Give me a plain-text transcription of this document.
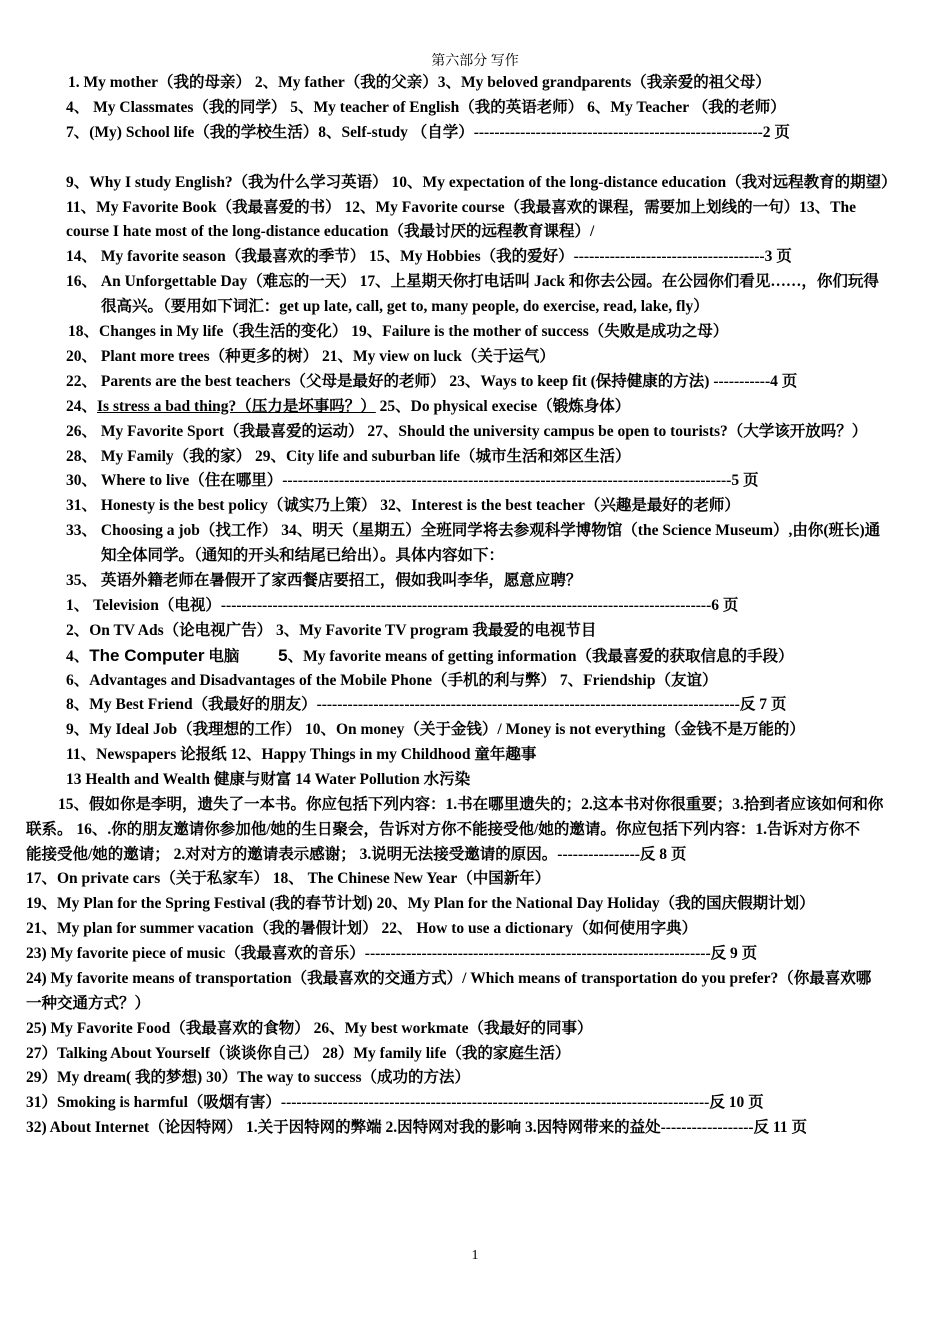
第六部分 写作
1. My mother（我的母亲） 2、My father（我的父亲）3、My beloved grandparents（我亲爱的祖父母）
4、 My Classmates（我的同学） 5、My teacher of English（我的英语老师） 6、My Teacher （我的老师）
7、(My) School life（我的学校生活）8、Self-study （自学）--------------------------------------------------------2 页
9、Why I study English?（我为什么学习英语） 10、My expectation of the long-distance education（我对远程教育的期望）
11、My Favorite Book（我最喜爱的书） 12、My Favorite course（我最喜欢的课程，需要加上划线的一句）13、The
course I hate most of the long-distance education（我最讨厌的远程教育课程）/
14、 My favorite season（我最喜欢的季节） 15、My Hobbies（我的爱好）-------------------------------------3 页
16、 An Unforgettable Day（难忘的一天） 17、上星期天你打电话叫 Jack 和你去公园。在公园你们看见……，你们玩得
很高兴。（要用如下词汇：get up late, call, get to, many people, do exercise, read, lake, fly）
18、Changes in My life（我生活的变化） 19、Failure is the mother of success（失败是成功之母）
20、 Plant more trees（种更多的树） 21、My view on luck（关于运气）
22、 Parents are the best teachers（父母是最好的老师） 23、Ways to keep fit (保持健康的方法) -----------4 页
24、Is stress a bad thing?（压力是坏事吗？） 25、Do physical execise（锻炼身体）
26、 My Favorite Sport（我最喜爱的运动） 27、Should the university campus be open to tourists?（大学该开放吗？）
28、 My Family（我的家） 29、City life and suburban life（城市生活和郊区生活）
30、 Where to live（住在哪里）---------------------------------------------------------------------------------------5 页
31、 Honesty is the best policy（诚实乃上策） 32、Interest is the best teacher（兴趣是最好的老师）
33、 Choosing a job（找工作） 34、明天（星期五）全班同学将去参观科学博物馆（the Science Museum）,由你(班长)通
知全体同学。（通知的开头和结尾已给出）。具体内容如下：
35、 英语外籍老师在暑假开了家西餐店要招工，假如我叫李华，愿意应聘？
1、 Television（电视）-----------------------------------------------------------------------------------------------6 页
2、On TV Ads（论电视广告） 3、My Favorite TV program 我最爱的电视节目
4、The Computer 电脑          5、My favorite means of getting information（我最喜爱的获取信息的手段）
6、Advantages and Disadvantages of the Mobile Phone（手机的利与弊） 7、Friendship（友谊）
8、My Best Friend（我最好的朋友）----------------------------------------------------------------------------------反 7 页
9、My Ideal Job（我理想的工作） 10、On money（关于金钱）/ Money is not everything（金钱不是万能的）
11、Newspapers 论报纸 12、Happy Things in my Childhood 童年趣事
13 Health and Wealth 健康与财富 14 Water Pollution 水污染
15、假如你是李明，遗失了一本书。你应包括下列内容：1.书在哪里遗失的；2.这本书对你很重要；3.拾到者应该如何和你
联系。 16、.你的朋友邀请你参加他/她的生日聚会，告诉对方你不能接受他/她的邀请。你应包括下列内容：1.告诉对方你不
能接受他/她的邀请； 2.对对方的邀请表示感谢； 3.说明无法接受邀请的原因。----------------反 8 页
17、On private cars（关于私家车） 18、 The Chinese New Year（中国新年）
19、My Plan for the Spring Festival (我的春节计划) 20、My Plan for the National Day Holiday（我的国庆假期计划）
21、My plan for summer vacation（我的暑假计划） 22、 How to use a dictionary（如何使用字典）
23) My favorite piece of music（我最喜欢的音乐）-------------------------------------------------------------------反 9 页
24) My favorite means of transportation（我最喜欢的交通方式）/ Which means of transportation do you prefer?（你最喜欢哪
一种交通方式？）
25) My Favorite Food（我最喜欢的食物） 26、My best workmate（我最好的同事）
27）Talking About Yourself（谈谈你自己） 28）My family life（我的家庭生活）
29）My dream( 我的梦想) 30）The way to success（成功的方法）
31）Smoking is harmful（吸烟有害）-----------------------------------------------------------------------------------反 10 页
32) About Internet（论因特网） 1.关于因特网的弊端 2.因特网对我的影响 3.因特网带来的益处------------------反 11 页
1
